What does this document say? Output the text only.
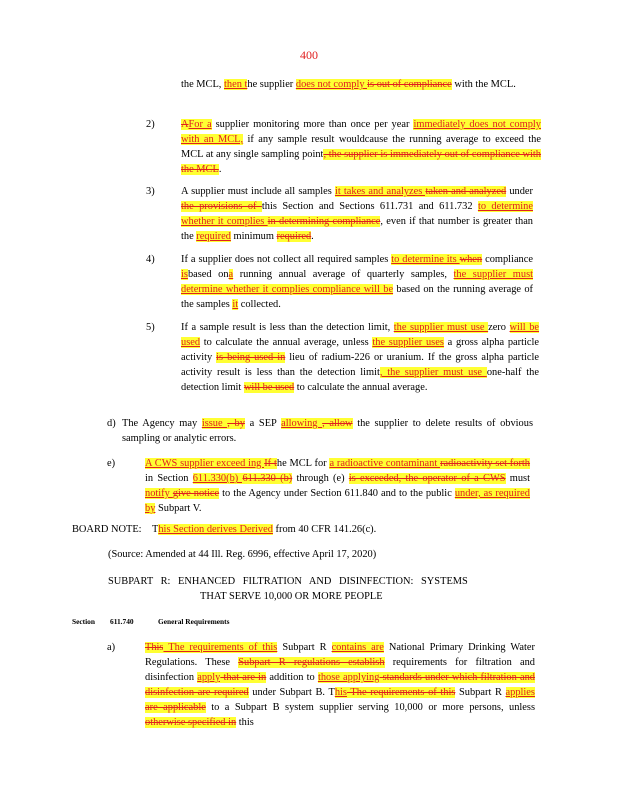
400
the MCL, then the supplier does not comply is out of compliance with the MCL.
2)	AFor a supplier monitoring more than once per year immediately does not comply with an MCL, if any sample result wouldcause the running average to exceed the MCL at any single sampling point, the supplier is immediately out of compliance with the MCL.
3)	A supplier must include all samples it takes and analyzes taken and analyzed under the provisions of this Section and Sections 611.731 and 611.732 to determine whether it complies in determining compliance, even if that number is greater than the required minimum required.
4)	If a supplier does not collect all required samples to determine its when compliance isbased ona running annual average of quarterly samples, the supplier must determine whether it complies compliance will be based on the running average of the samples it collected.
5)	If a sample result is less than the detection limit, the supplier must use zero will be used to calculate the annual average, unless the supplier uses a gross alpha particle activity is being used in lieu of radium-226 or uranium. If the gross alpha particle activity result is less than the detection limit, the supplier must use one-half the detection limit will be used to calculate the annual average.
d) The Agency may issue , by a SEP allowing , allow the supplier to delete results of obvious sampling or analytic errors.
e)	A CWS supplier exceed ing If the MCL for a radioactive contaminant radioactivity set forth in Section 611.330(b) 611.330 (b) through (e) is exceeded, the operator of a CWS must notify give notice to the Agency under Section 611.840 and to the public under, as required by Subpart V.
BOARD NOTE: This Section derives Derived from 40 CFR 141.26(c).
(Source: Amended at 44 Ill. Reg. 6996, effective April 17, 2020)
SUBPART R: ENHANCED FILTRATION AND DISINFECTION: SYSTEMS
THAT SERVE 10,000 OR MORE PEOPLE
Section 611.740	General Requirements
a)	This The requirements of this Subpart R contains are National Primary Drinking Water Regulations. These Subpart R regulations establish requirements for filtration and disinfection apply that are in addition to those applying standards under which filtration and disinfection are required under Subpart B. This The requirements of this Subpart R applies are applicable to a Subpart B system supplier serving 10,000 or more persons, unless otherwise specified in this
